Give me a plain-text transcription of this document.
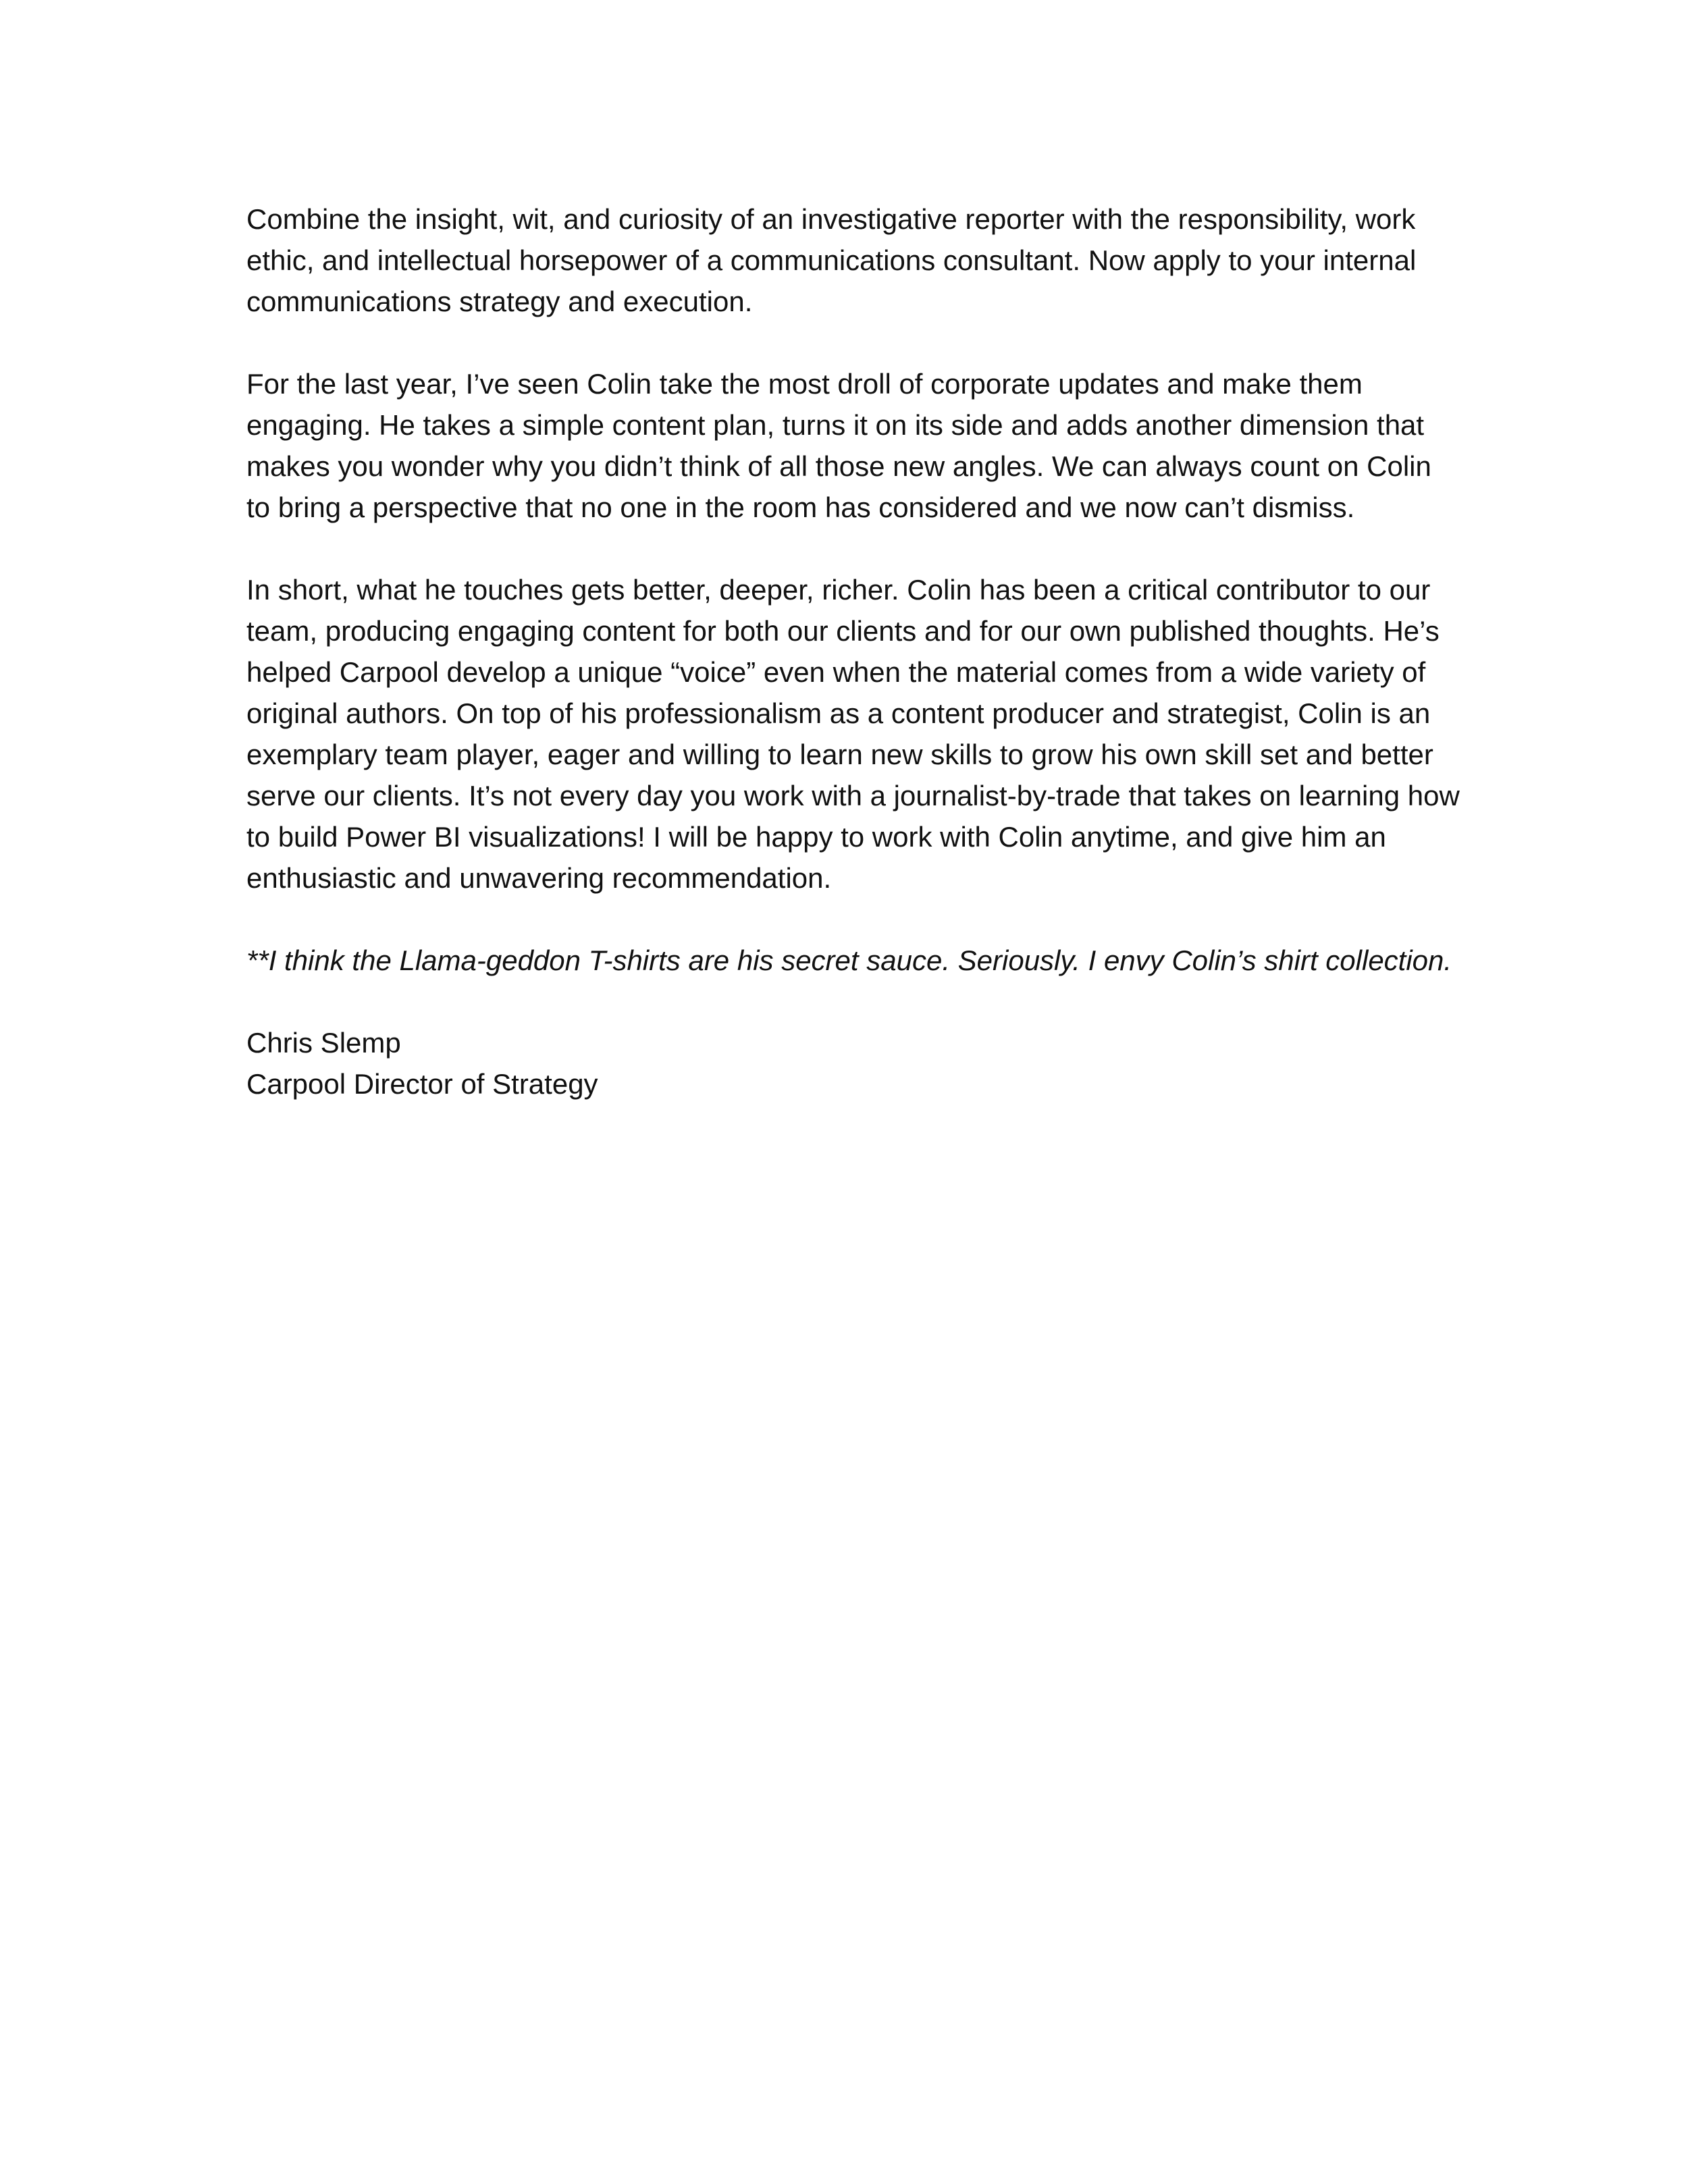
Combine the insight, wit, and curiosity of an investigative reporter with the responsibility, work ethic, and intellectual horsepower of a communications consultant. Now apply to your internal communications strategy and execution.

For the last year, I’ve seen Colin take the most droll of corporate updates and make them engaging. He takes a simple content plan, turns it on its side and adds another dimension that makes you wonder why you didn’t think of all those new angles. We can always count on Colin to bring a perspective that no one in the room has considered and we now can’t dismiss.

In short, what he touches gets better, deeper, richer. Colin has been a critical contributor to our team, producing engaging content for both our clients and for our own published thoughts. He’s helped Carpool develop a unique “voice” even when the material comes from a wide variety of original authors. On top of his professionalism as a content producer and strategist, Colin is an exemplary team player, eager and willing to learn new skills to grow his own skill set and better serve our clients. It’s not every day you work with a journalist-by-trade that takes on learning how to build Power BI visualizations! I will be happy to work with Colin anytime, and give him an enthusiastic and unwavering recommendation.

**I think the Llama-geddon T-shirts are his secret sauce. Seriously. I envy Colin’s shirt collection.

Chris Slemp
Carpool Director of Strategy
